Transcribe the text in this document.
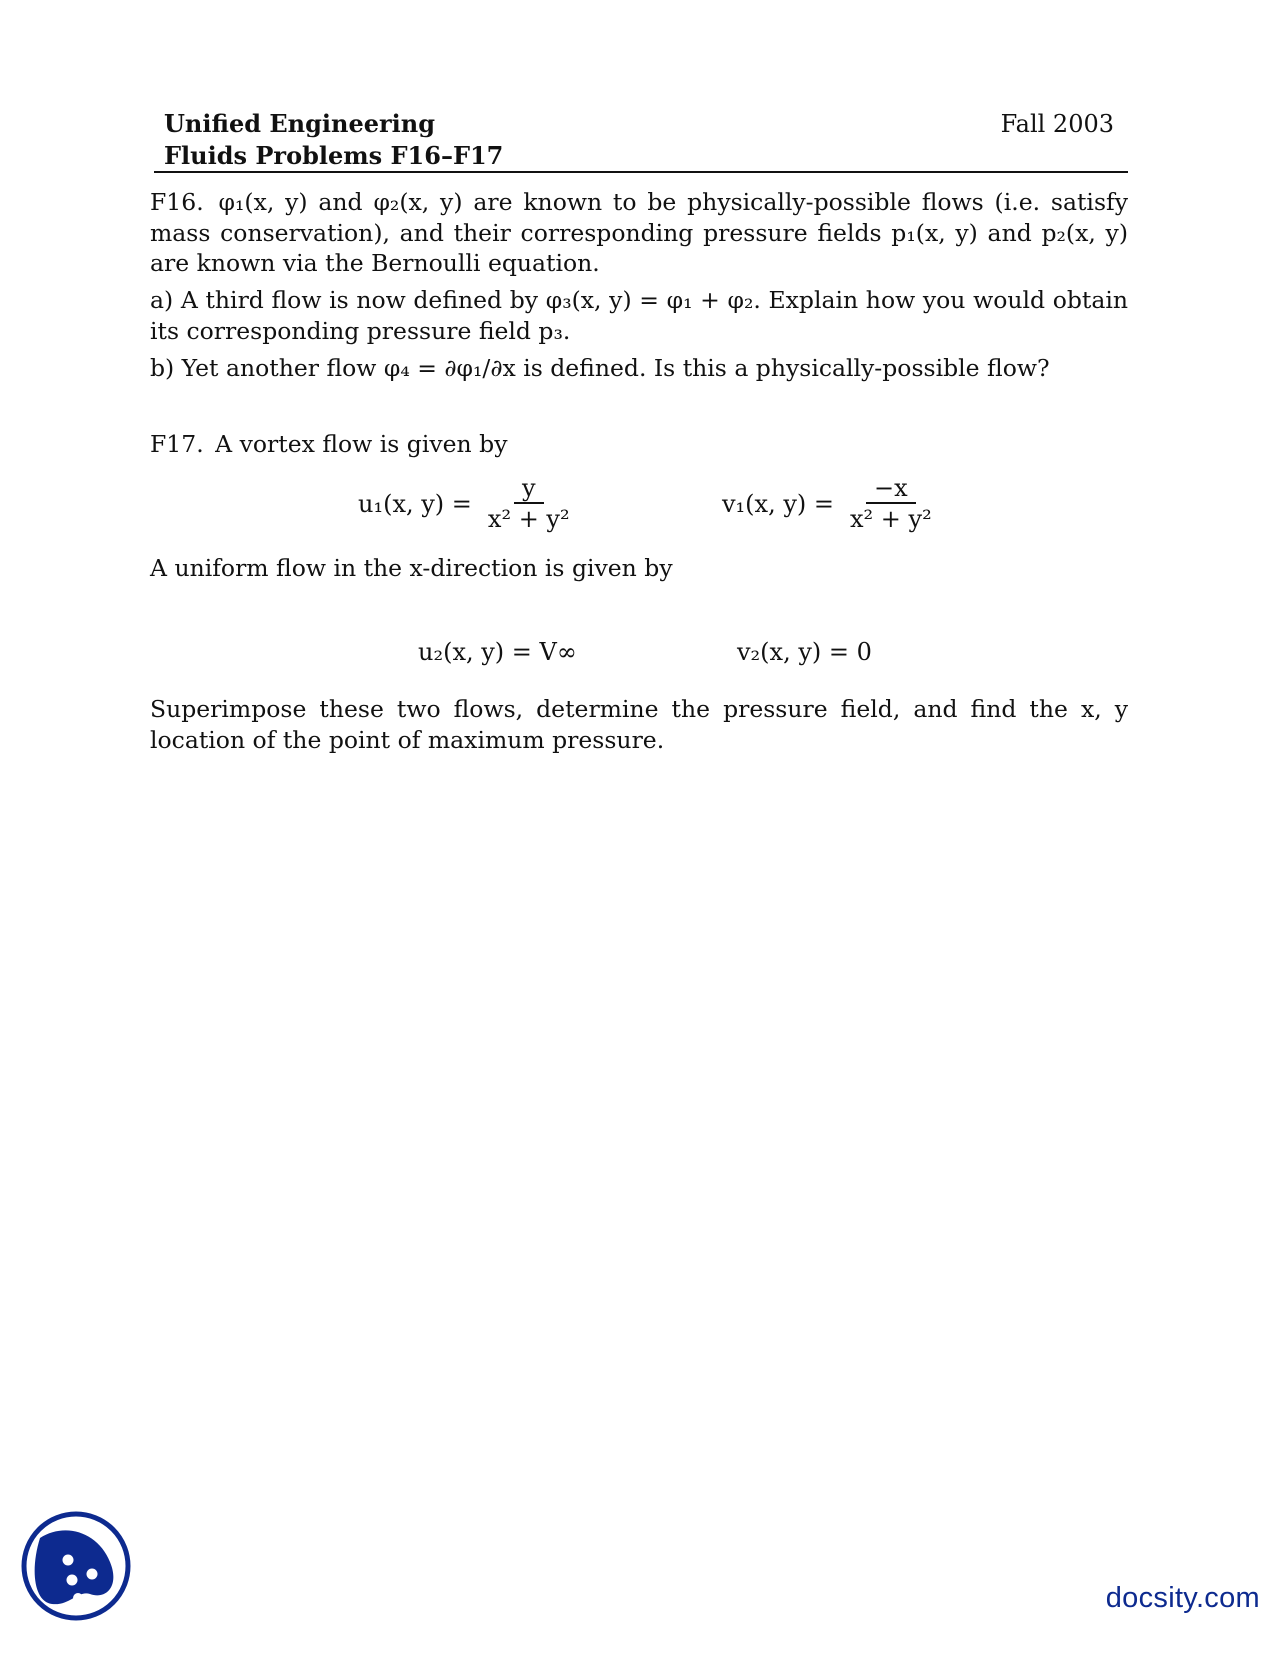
Unified Engineering
Fluids Problems F16–F17
Fall 2003
F16. φ₁(x, y) and φ₂(x, y) are known to be physically-possible flows (i.e. satisfy mass conservation), and their corresponding pressure fields p₁(x, y) and p₂(x, y) are known via the Bernoulli equation.
a) A third flow is now defined by φ₃(x, y) = φ₁ + φ₂. Explain how you would obtain its corresponding pressure field p₃.
b) Yet another flow φ₄ = ∂φ₁/∂x is defined. Is this a physically-possible flow?
F17. A vortex flow is given by
u₁(x, $y) = \frac{y}{\text{x² + y²}}$	v₁(x, $y) = \frac{-x}{\text{x² + y²}}$
A uniform flow in the x-direction is given by
u₂(x, y) = V∞	v₂(x, y) = 0
Superimpose these two flows, determine the pressure field, and find the x, y location of the point of maximum pressure.
docsity.com
